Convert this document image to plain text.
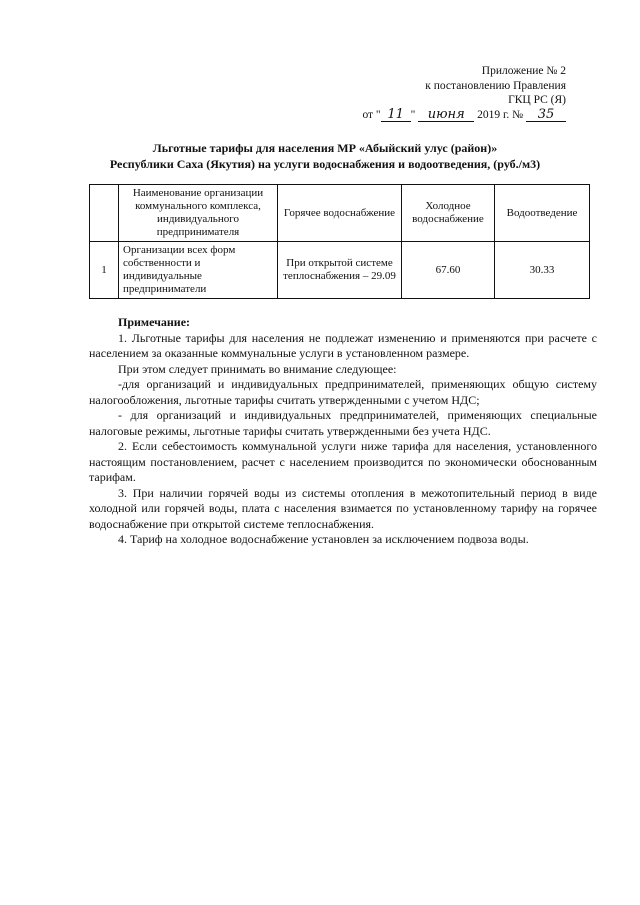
Приложение № 2
к постановлению Правления
ГКЦ РС (Я)
от " 11 " июня 2019 г. № 35
Льготные тарифы для населения МР «Абыйский улус (район)»
Республики Саха (Якутия) на услуги водоснабжения и водоотведения, (руб./м3)
	Наименование организации коммунального комплекса, индивидуального предпринимателя	Горячее водоснабжение	Холодное водоснабжение	Водоотведение
1	Организации всех форм собственности и индивидуальные предприниматели	При открытой системе теплоснабжения – 29.09	67.60	30.33

Примечание:

1. Льготные тарифы для населения не подлежат изменению и применяются при расчете с населением за оказанные коммунальные услуги в установленном размере.

При этом следует принимать во внимание следующее:

-для организаций и индивидуальных предпринимателей, применяющих общую систему налогообложения, льготные тарифы считать утвержденными с учетом НДС;

- для организаций и индивидуальных предпринимателей, применяющих специальные налоговые режимы, льготные тарифы считать утвержденными без учета НДС.

2. Если себестоимость коммунальной услуги ниже тарифа для населения, установленного настоящим постановлением, расчет с населением производится по экономически обоснованным тарифам.

3. При наличии горячей воды из системы отопления в межотопительный период в виде холодной или горячей воды, плата с населения взимается по установленному тарифу на горячее водоснабжение при открытой системе теплоснабжения.

4. Тариф на холодное водоснабжение установлен за исключением подвоза воды.
